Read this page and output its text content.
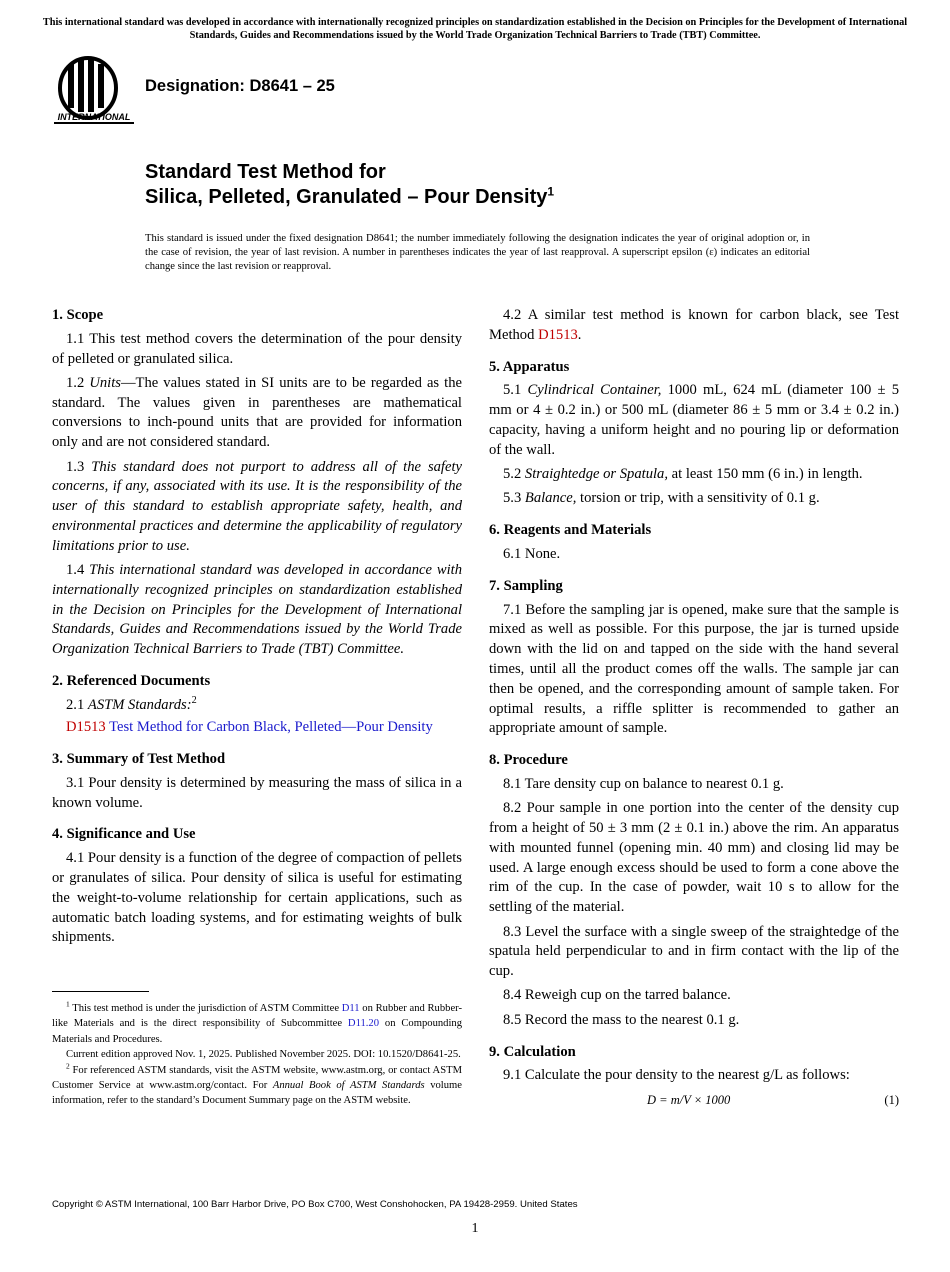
This international standard was developed in accordance with internationally recognized principles on standardization established in the Decision on Principles for the Development of International Standards, Guides and Recommendations issued by the World Trade Organization Technical Barriers to Trade (TBT) Committee.
INTERNATIONAL
Designation: D8641 – 25
Standard Test Method for
Silica, Pelleted, Granulated – Pour Density$^1$
This standard is issued under the fixed designation D8641; the number immediately following the designation indicates the year of original adoption or, in the case of revision, the year of last revision. A number in parentheses indicates the year of last reapproval. A superscript epsilon (ε) indicates an editorial change since the last revision or reapproval.
1. Scope

1.1 This test method covers the determination of the pour density of pelleted or granulated silica.

1.2 Units—The values stated in SI units are to be regarded as the standard. The values given in parentheses are mathematical conversions to inch-pound units that are provided for information only and are not considered standard.

1.3 This standard does not purport to address all of the safety concerns, if any, associated with its use. It is the responsibility of the user of this standard to establish appropriate safety, health, and environmental practices and determine the applicability of regulatory limitations prior to use.

1.4 This international standard was developed in accordance with internationally recognized principles on standardization established in the Decision on Principles for the Development of International Standards, Guides and Recommendations issued by the World Trade Organization Technical Barriers to Trade (TBT) Committee.

2. Referenced Documents

2.1 ASTM Standards:$^2$

D1513 Test Method for Carbon Black, Pelleted—Pour Density

3. Summary of Test Method

3.1 Pour density is determined by measuring the mass of silica in a known volume.

4. Significance and Use

4.1 Pour density is a function of the degree of compaction of pellets or granulates of silica. Pour density of silica is useful for estimating the weight-to-volume relationship for certain applications, such as automatic batch loading systems, and for estimating weights of bulk shipments.

4.2 A similar test method is known for carbon black, see Test Method D1513.

5. Apparatus

5.1 Cylindrical Container, 1000 mL, 624 mL (diameter 100 ± 5 mm or 4 ± 0.2 in.) or 500 mL (diameter 86 ± 5 mm or 3.4 ± 0.2 in.) capacity, having a uniform height and no pouring lip or deformation of the wall.

5.2 Straightedge or Spatula, at least 150 mm (6 in.) in length.

5.3 Balance, torsion or trip, with a sensitivity of 0.1 g.

6. Reagents and Materials

6.1 None.

7. Sampling

7.1 Before the sampling jar is opened, make sure that the sample is mixed as well as possible. For this purpose, the jar is turned upside down with the lid on and tapped on the side with the hand several times, until all the product comes off the walls. The sample jar can then be opened, and the corresponding amount of sample taken. For optimal results, a riffle splitter is recommended to gather an appropriate amount of sample.

8. Procedure

8.1 Tare density cup on balance to nearest 0.1 g.

8.2 Pour sample in one portion into the center of the density cup from a height of 50 ± 3 mm (2 ± 0.1 in.) above the rim. An apparatus with mounted funnel (opening min. 40 mm) and closing lid may be used. A large enough excess should be used to form a cone above the rim of the cup. In the case of powder, wait 10 s to allow for the settling of the material.

8.3 Level the surface with a single sweep of the straightedge of the spatula held perpendicular to and in firm contact with the lip of the cup.

8.4 Reweigh cup on the tarred balance.

8.5 Record the mass to the nearest 0.1 g.

9. Calculation

9.1 Calculate the pour density to the nearest g/L as follows:

D = m/V × 1000	(1)

$^1$ This test method is under the jurisdiction of ASTM Committee D11 on Rubber and Rubber-like Materials and is the direct responsibility of Subcommittee D11.20 on Compounding Materials and Procedures.

Current edition approved Nov. 1, 2025. Published November 2025. DOI: 10.1520/D8641-25.

$^2$ For referenced ASTM standards, visit the ASTM website, www.astm.org, or contact ASTM Customer Service at www.astm.org/contact. For Annual Book of ASTM Standards volume information, refer to the standard’s Document Summary page on the ASTM website.

Copyright © ASTM International, 100 Barr Harbor Drive, PO Box C700, West Conshohocken, PA 19428-2959. United States
1
